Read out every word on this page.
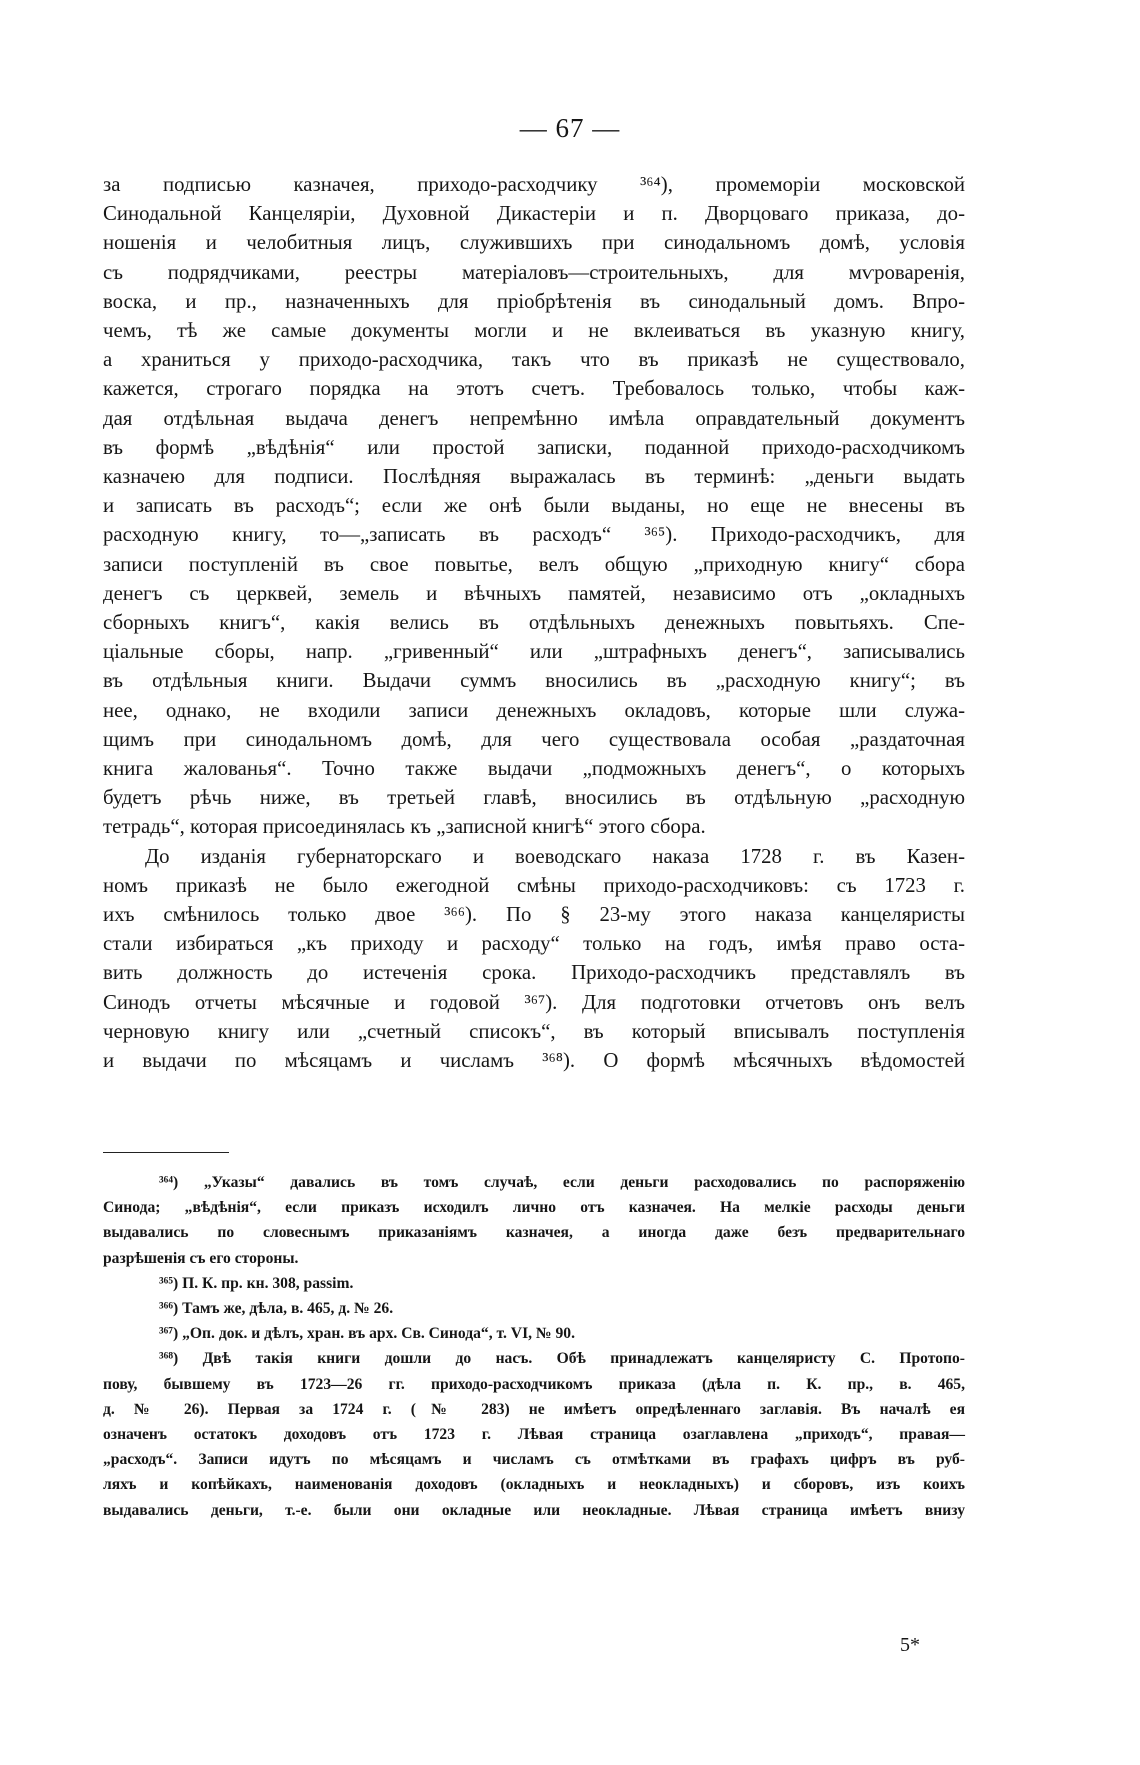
— 67 —
за подписью казначея, приходо-расходчику ³⁶⁴), промеморіи московской
Синодальной Канцеляріи, Духовной Дикастеріи и п. Дворцоваго приказа, до-
ношенія и челобитныя лицъ, служившихъ при синодальномъ домѣ, условія
съ подрядчиками, реестры матеріаловъ—строительныхъ, для мѵроваренія,
воска, и пр., назначенныхъ для пріобрѣтенія въ синодальный домъ. Впро-
чемъ, тѣ же самые документы могли и не вклеиваться въ указную книгу,
а храниться у приходо-расходчика, такъ что въ приказѣ не существовало,
кажется, строгаго порядка на этотъ счетъ. Требовалось только, чтобы каж-
дая отдѣльная выдача денегъ непремѣнно имѣла оправдательный документъ
въ формѣ „вѣдѣнія“ или простой записки, поданной приходо-расходчикомъ
казначею для подписи. Послѣдняя выражалась въ терминѣ: „деньги выдать
и записать въ расходъ“; если же онѣ были выданы, но еще не внесены въ
расходную книгу, то—„записать въ расходъ“ ³⁶⁵). Приходо-расходчикъ, для
записи поступленій въ свое повытье, велъ общую „приходную книгу“ сбора
денегъ съ церквей, земель и вѣчныхъ памятей, независимо отъ „окладныхъ
сборныхъ книгъ“, какія велись въ отдѣльныхъ денежныхъ повытьяхъ. Спе-
ціальные сборы, напр. „гривенный“ или „штрафныхъ денегъ“, записывались
въ отдѣльныя книги. Выдачи суммъ вносились въ „расходную книгу“; въ
нее, однако, не входили записи денежныхъ окладовъ, которые шли служа-
щимъ при синодальномъ домѣ, для чего существовала особая „раздаточная
книга жалованья“. Точно также выдачи „подможныхъ денегъ“, о которыхъ
будетъ рѣчь ниже, въ третьей главѣ, вносились въ отдѣльную „расходную
тетрадь“, которая присоединялась къ „записной книгѣ“ этого сбора.
До изданія губернаторскаго и воеводскаго наказа 1728 г. въ Казен-
номъ приказѣ не было ежегодной смѣны приходо-расходчиковъ: съ 1723 г.
ихъ смѣнилось только двое ³⁶⁶). По § 23-му этого наказа канцеляристы
стали избираться „къ приходу и расходу“ только на годъ, имѣя право оста-
вить должность до истеченія срока. Приходо-расходчикъ представлялъ въ
Синодъ отчеты мѣсячные и годовой ³⁶⁷). Для подготовки отчетовъ онъ велъ
черновую книгу или „счетный списокъ“, въ который вписывалъ поступленія
и выдачи по мѣсяцамъ и числамъ ³⁶⁸). О формѣ мѣсячныхъ вѣдомостей
³⁶⁴) „Указы“ давались въ томъ случаѣ, если деньги расходовались по распоряженію
Синода; „вѣдѣнія“, если приказъ исходилъ лично отъ казначея. На мелкіе расходы деньги
выдавались по словеснымъ приказаніямъ казначея, а иногда даже безъ предварительнаго
разрѣшенія съ его стороны.
³⁶⁵) П. К. пр. кн. 308, passim.
³⁶⁶) Тамъ же, дѣла, в. 465, д. № 26.
³⁶⁷) „Оп. док. и дѣлъ, хран. въ арх. Св. Синода“, т. VI, № 90.
³⁶⁸) Двѣ такія книги дошли до насъ. Обѣ принадлежатъ канцеляристу С. Протопо-
пову, бывшему въ 1723—26 гг. приходо-расходчикомъ приказа (дѣла п. К. пр., в. 465,
д. № 26). Первая за 1724 г. (№ 283) не имѣетъ опредѣленнаго заглавія. Въ началѣ ея
означенъ остатокъ доходовъ отъ 1723 г. Лѣвая страница озаглавлена „приходъ“, правая—
„расходъ“. Записи идутъ по мѣсяцамъ и числамъ съ отмѣтками въ графахъ цифръ въ руб-
ляхъ и копѣйкахъ, наименованія доходовъ (окладныхъ и неокладныхъ) и сборовъ, изъ коихъ
выдавались деньги, т.-е. были они окладные или неокладные. Лѣвая страница имѣетъ внизу
5*
